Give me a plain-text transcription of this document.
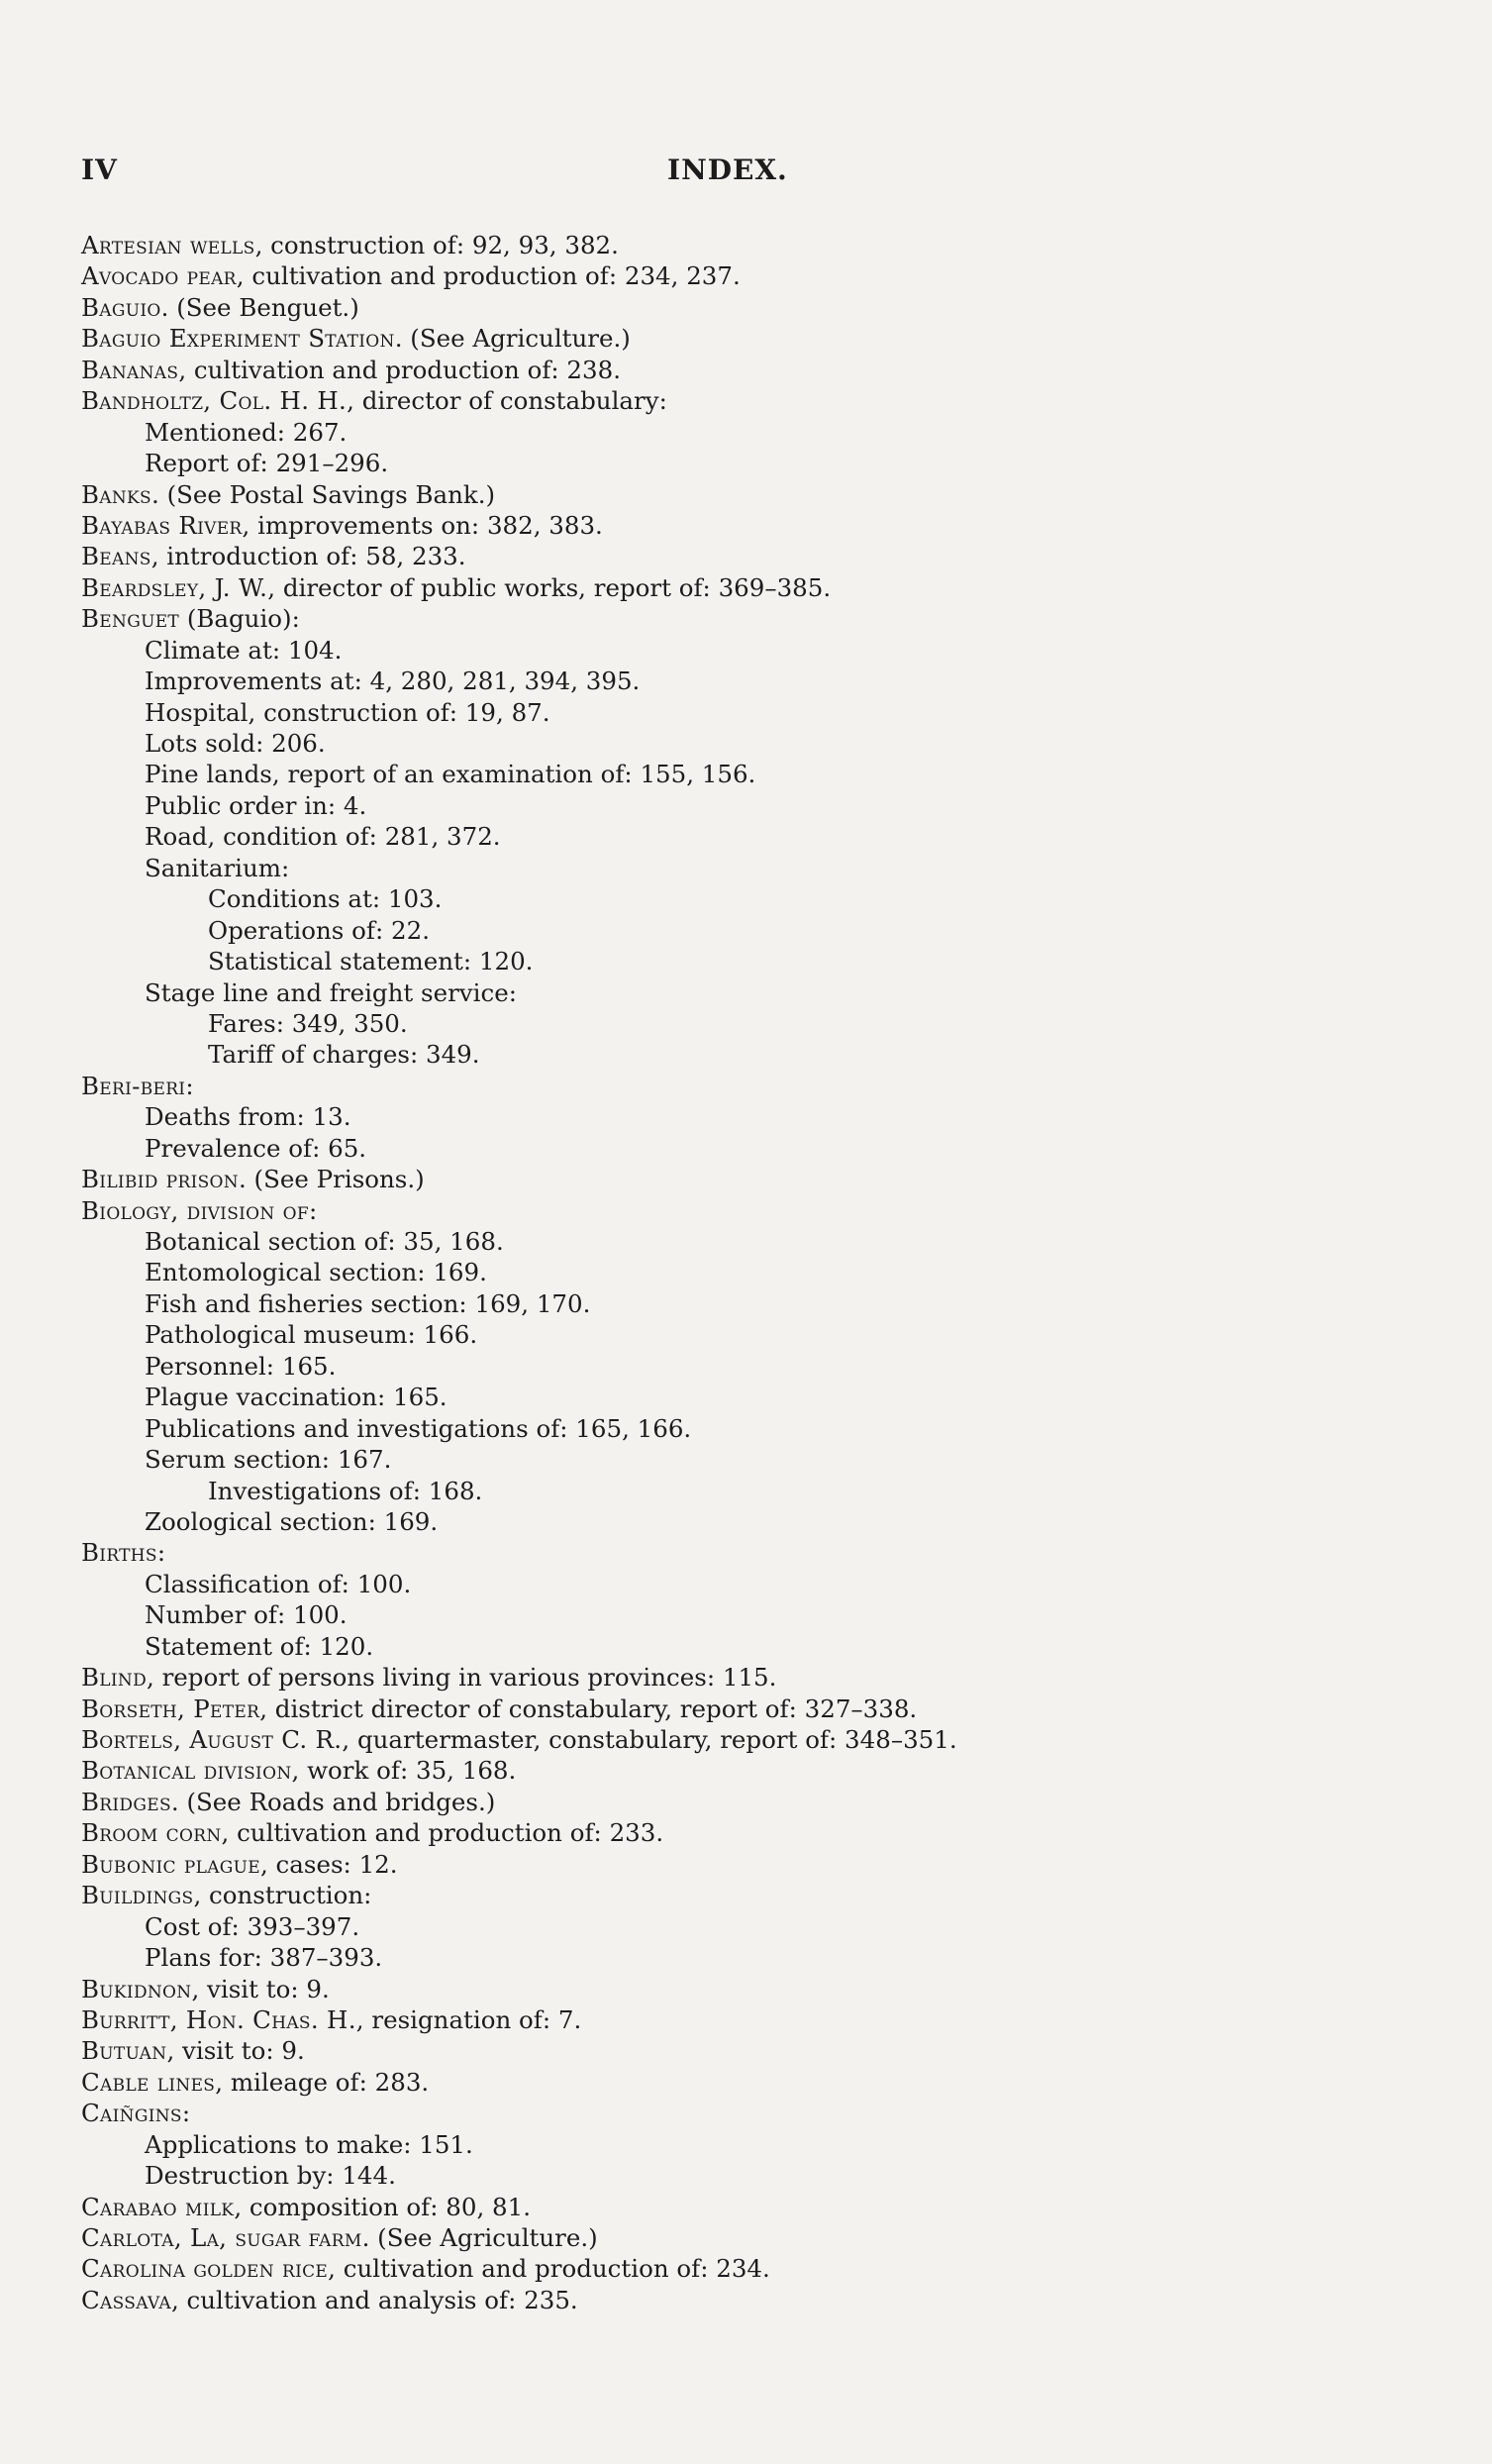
IV	INDEX.
Artesian wells, construction of: 92, 93, 382.
Avocado pear, cultivation and production of: 234, 237.
Baguio. (See Benguet.)
Baguio Experiment Station. (See Agriculture.)
Bananas, cultivation and production of: 238.
Bandholtz, Col. H. H., director of constabulary:
Mentioned: 267.
Report of: 291–296.
Banks. (See Postal Savings Bank.)
Bayabas River, improvements on: 382, 383.
Beans, introduction of: 58, 233.
Beardsley, J. W., director of public works, report of: 369–385.
Benguet (Baguio):
Climate at: 104.
Improvements at: 4, 280, 281, 394, 395.
Hospital, construction of: 19, 87.
Lots sold: 206.
Pine lands, report of an examination of: 155, 156.
Public order in: 4.
Road, condition of: 281, 372.
Sanitarium:
Conditions at: 103.
Operations of: 22.
Statistical statement: 120.
Stage line and freight service:
Fares: 349, 350.
Tariff of charges: 349.
Beri-beri:
Deaths from: 13.
Prevalence of: 65.
Bilibid prison. (See Prisons.)
Biology, division of:
Botanical section of: 35, 168.
Entomological section: 169.
Fish and fisheries section: 169, 170.
Pathological museum: 166.
Personnel: 165.
Plague vaccination: 165.
Publications and investigations of: 165, 166.
Serum section: 167.
Investigations of: 168.
Zoological section: 169.
Births:
Classification of: 100.
Number of: 100.
Statement of: 120.
Blind, report of persons living in various provinces: 115.
Borseth, Peter, district director of constabulary, report of: 327–338.
Bortels, August C. R., quartermaster, constabulary, report of: 348–351.
Botanical division, work of: 35, 168.
Bridges. (See Roads and bridges.)
Broom corn, cultivation and production of: 233.
Bubonic plague, cases: 12.
Buildings, construction:
Cost of: 393–397.
Plans for: 387–393.
Bukidnon, visit to: 9.
Burritt, Hon. Chas. H., resignation of: 7.
Butuan, visit to: 9.
Cable lines, mileage of: 283.
Caiñgins:
Applications to make: 151.
Destruction by: 144.
Carabao milk, composition of: 80, 81.
Carlota, La, sugar farm. (See Agriculture.)
Carolina golden rice, cultivation and production of: 234.
Cassava, cultivation and analysis of: 235.
